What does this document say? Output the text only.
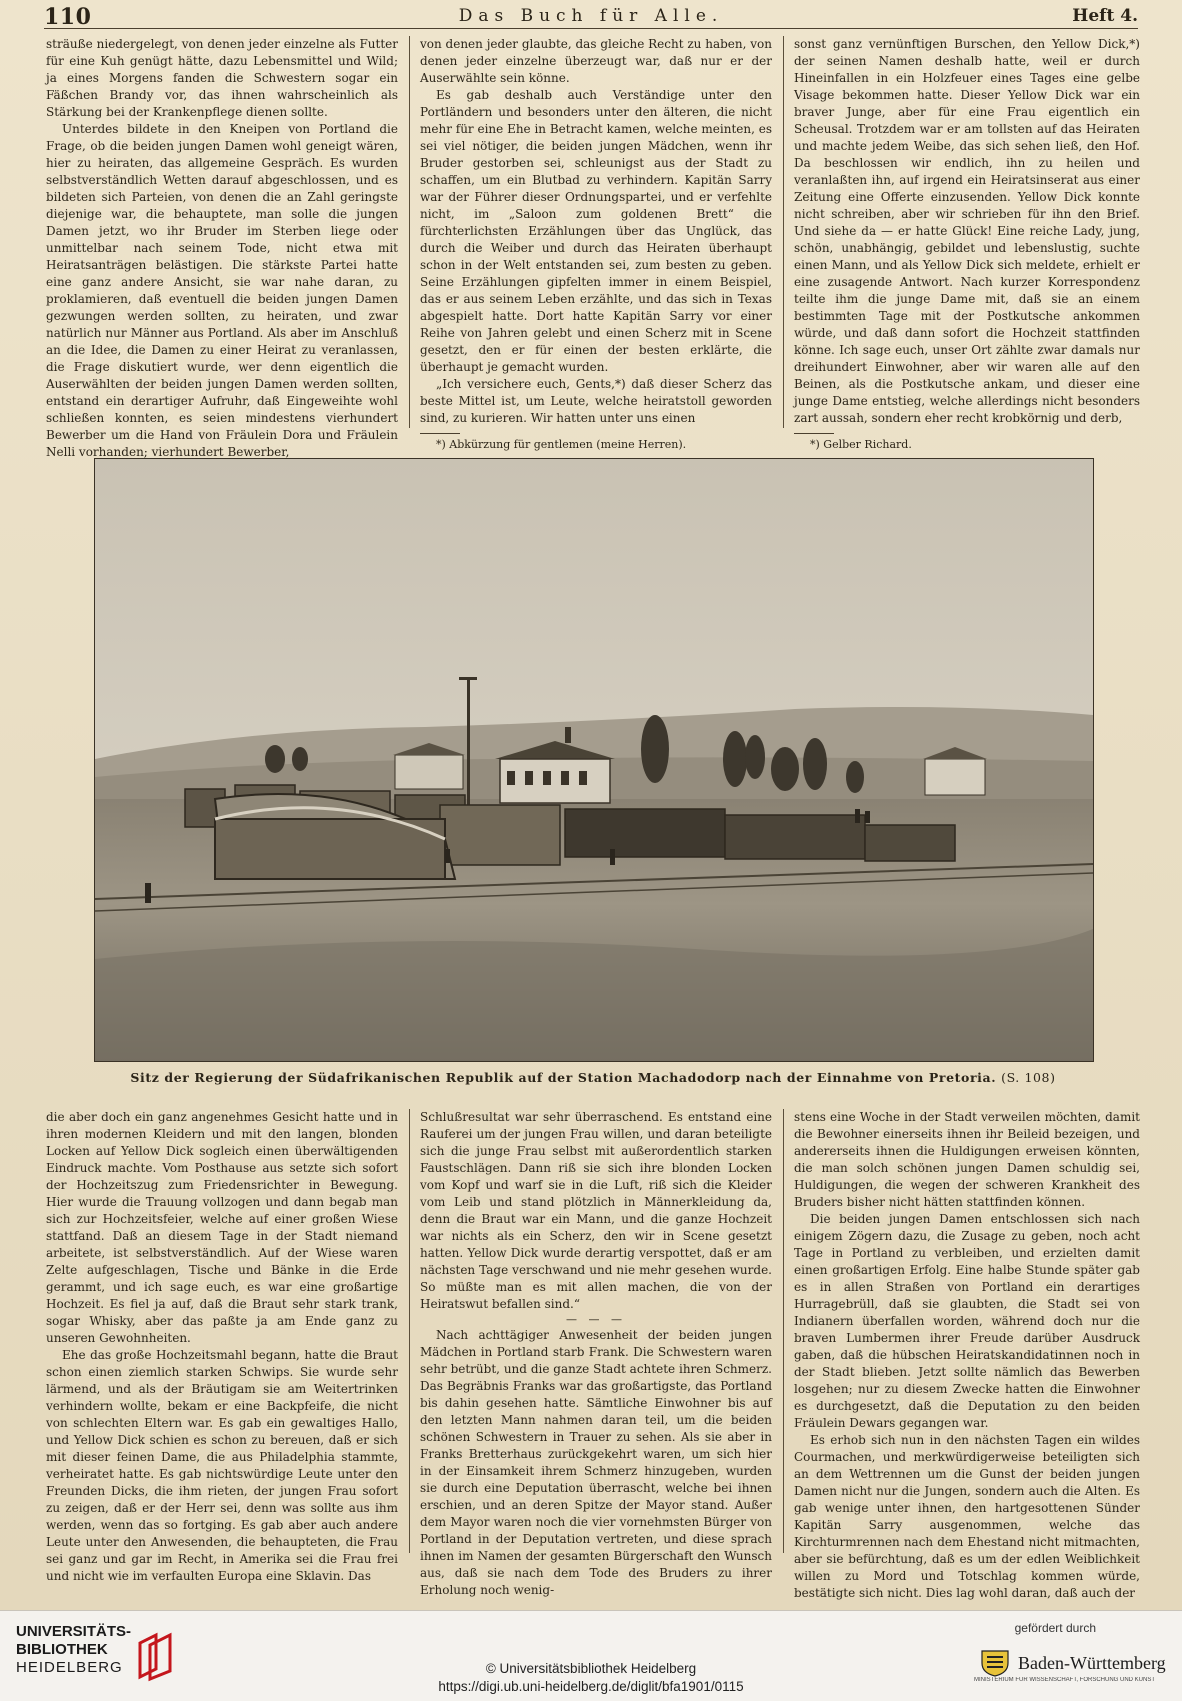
110	Das Buch für Alle.	Heft 4.

sträuße niedergelegt, von denen jeder einzelne als Futter für eine Kuh genügt hätte, dazu Lebensmittel und Wild; ja eines Morgens fanden die Schwestern sogar ein Fäßchen Brandy vor, das ihnen wahrscheinlich als Stärkung bei der Krankenpflege dienen sollte.

Unterdes bildete in den Kneipen von Portland die Frage, ob die beiden jungen Damen wohl geneigt wären, hier zu heiraten, das allgemeine Gespräch. Es wurden selbstverständlich Wetten darauf abgeschlossen, und es bildeten sich Parteien, von denen die an Zahl geringste diejenige war, die behauptete, man solle die jungen Damen jetzt, wo ihr Bruder im Sterben liege oder unmittelbar nach seinem Tode, nicht etwa mit Heiratsanträgen belästigen. Die stärkste Partei hatte eine ganz andere Ansicht, sie war nahe daran, zu proklamieren, daß eventuell die beiden jungen Damen gezwungen werden sollten, zu heiraten, und zwar natürlich nur Männer aus Portland. Als aber im Anschluß an die Idee, die Damen zu einer Heirat zu veranlassen, die Frage diskutiert wurde, wer denn eigentlich die Auserwählten der beiden jungen Damen werden sollten, entstand ein derartiger Aufruhr, daß Eingeweihte wohl schließen konnten, es seien mindestens vierhundert Bewerber um die Hand von Fräulein Dora und Fräulein Nelli vorhanden; vierhundert Bewerber,

von denen jeder glaubte, das gleiche Recht zu haben, von denen jeder einzelne überzeugt war, daß nur er der Auserwählte sein könne.

Es gab deshalb auch Verständige unter den Portländern und besonders unter den älteren, die nicht mehr für eine Ehe in Betracht kamen, welche meinten, es sei viel nötiger, die beiden jungen Mädchen, wenn ihr Bruder gestorben sei, schleunigst aus der Stadt zu schaffen, um ein Blutbad zu verhindern. Kapitän Sarry war der Führer dieser Ordnungspartei, und er verfehlte nicht, im „Saloon zum goldenen Brett“ die fürchterlichsten Erzählungen über das Unglück, das durch die Weiber und durch das Heiraten überhaupt schon in der Welt entstanden sei, zum besten zu geben. Seine Erzählungen gipfelten immer in einem Beispiel, das er aus seinem Leben erzählte, und das sich in Texas abgespielt hatte. Dort hatte Kapitän Sarry vor einer Reihe von Jahren gelebt und einen Scherz mit in Scene gesetzt, den er für einen der besten erklärte, die überhaupt je gemacht wurden.

„Ich versichere euch, Gents,*) daß dieser Scherz das beste Mittel ist, um Leute, welche heiratstoll geworden sind, zu kurieren. Wir hatten unter uns einen

*) Abkürzung für gentlemen (meine Herren).

sonst ganz vernünftigen Burschen, den Yellow Dick,*) der seinen Namen deshalb hatte, weil er durch Hineinfallen in ein Holzfeuer eines Tages eine gelbe Visage bekommen hatte. Dieser Yellow Dick war ein braver Junge, aber für eine Frau eigentlich ein Scheusal. Trotzdem war er am tollsten auf das Heiraten und machte jedem Weibe, das sich sehen ließ, den Hof. Da beschlossen wir endlich, ihn zu heilen und veranlaßten ihn, auf irgend ein Heiratsinserat aus einer Zeitung eine Offerte einzusenden. Yellow Dick konnte nicht schreiben, aber wir schrieben für ihn den Brief. Und siehe da — er hatte Glück! Eine reiche Lady, jung, schön, unabhängig, gebildet und lebenslustig, suchte einen Mann, und als Yellow Dick sich meldete, erhielt er eine zusagende Antwort. Nach kurzer Korrespondenz teilte ihm die junge Dame mit, daß sie an einem bestimmten Tage mit der Postkutsche ankommen würde, und daß dann sofort die Hochzeit stattfinden könne. Ich sage euch, unser Ort zählte zwar damals nur dreihundert Einwohner, aber wir waren alle auf den Beinen, als die Postkutsche ankam, und dieser eine junge Dame entstieg, welche allerdings nicht besonders zart aussah, sondern eher recht krobkörnig und derb,

*) Gelber Richard.

Sitz der Regierung der Südafrikanischen Republik auf der Station Machadodorp nach der Einnahme von Pretoria. (S. 108)

die aber doch ein ganz angenehmes Gesicht hatte und in ihren modernen Kleidern und mit den langen, blonden Locken auf Yellow Dick sogleich einen überwältigenden Eindruck machte. Vom Posthause aus setzte sich sofort der Hochzeitszug zum Friedensrichter in Bewegung. Hier wurde die Trauung vollzogen und dann begab man sich zur Hochzeitsfeier, welche auf einer großen Wiese stattfand. Daß an diesem Tage in der Stadt niemand arbeitete, ist selbstverständlich. Auf der Wiese waren Zelte aufgeschlagen, Tische und Bänke in die Erde gerammt, und ich sage euch, es war eine großartige Hochzeit. Es fiel ja auf, daß die Braut sehr stark trank, sogar Whisky, aber das paßte ja am Ende ganz zu unseren Gewohnheiten.

Ehe das große Hochzeitsmahl begann, hatte die Braut schon einen ziemlich starken Schwips. Sie wurde sehr lärmend, und als der Bräutigam sie am Weitertrinken verhindern wollte, bekam er eine Backpfeife, die nicht von schlechten Eltern war. Es gab ein gewaltiges Hallo, und Yellow Dick schien es schon zu bereuen, daß er sich mit dieser feinen Dame, die aus Philadelphia stammte, verheiratet hatte. Es gab nichtswürdige Leute unter den Freunden Dicks, die ihm rieten, der jungen Frau sofort zu zeigen, daß er der Herr sei, denn was sollte aus ihm werden, wenn das so fortging. Es gab aber auch andere Leute unter den Anwesenden, die behaupteten, die Frau sei ganz und gar im Recht, in Amerika sei die Frau frei und nicht wie im verfaulten Europa eine Sklavin. Das

Schlußresultat war sehr überraschend. Es entstand eine Rauferei um der jungen Frau willen, und daran beteiligte sich die junge Frau selbst mit außerordentlich starken Faustschlägen. Dann riß sie sich ihre blonden Locken vom Kopf und warf sie in die Luft, riß sich die Kleider vom Leib und stand plötzlich in Männerkleidung da, denn die Braut war ein Mann, und die ganze Hochzeit war nichts als ein Scherz, den wir in Scene gesetzt hatten. Yellow Dick wurde derartig verspottet, daß er am nächsten Tage verschwand und nie mehr gesehen wurde. So müßte man es mit allen machen, die von der Heiratswut befallen sind.“

— — —

Nach achttägiger Anwesenheit der beiden jungen Mädchen in Portland starb Frank. Die Schwestern waren sehr betrübt, und die ganze Stadt achtete ihren Schmerz. Das Begräbnis Franks war das großartigste, das Portland bis dahin gesehen hatte. Sämtliche Einwohner bis auf den letzten Mann nahmen daran teil, um die beiden schönen Schwestern in Trauer zu sehen. Als sie aber in Franks Bretterhaus zurückgekehrt waren, um sich hier in der Einsamkeit ihrem Schmerz hinzugeben, wurden sie durch eine Deputation überrascht, welche bei ihnen erschien, und an deren Spitze der Mayor stand. Außer dem Mayor waren noch die vier vornehmsten Bürger von Portland in der Deputation vertreten, und diese sprach ihnen im Namen der gesamten Bürgerschaft den Wunsch aus, daß sie nach dem Tode des Bruders zu ihrer Erholung noch wenig-

stens eine Woche in der Stadt verweilen möchten, damit die Bewohner einerseits ihnen ihr Beileid bezeigen, und andererseits ihnen die Huldigungen erweisen könnten, die man solch schönen jungen Damen schuldig sei, Huldigungen, die wegen der schweren Krankheit des Bruders bisher nicht hätten stattfinden können.

Die beiden jungen Damen entschlossen sich nach einigem Zögern dazu, die Zusage zu geben, noch acht Tage in Portland zu verbleiben, und erzielten damit einen großartigen Erfolg. Eine halbe Stunde später gab es in allen Straßen von Portland ein derartiges Hurragebrüll, daß sie glaubten, die Stadt sei von Indianern überfallen worden, während doch nur die braven Lumbermen ihrer Freude darüber Ausdruck gaben, daß die hübschen Heiratskandidatinnen noch in der Stadt blieben. Jetzt sollte nämlich das Bewerben losgehen; nur zu diesem Zwecke hatten die Einwohner es durchgesetzt, daß die Deputation zu den beiden Fräulein Dewars gegangen war.

Es erhob sich nun in den nächsten Tagen ein wildes Courmachen, und merkwürdigerweise beteiligten sich an dem Wettrennen um die Gunst der beiden jungen Damen nicht nur die Jungen, sondern auch die Alten. Es gab wenige unter ihnen, den hartgesottenen Sünder Kapitän Sarry ausgenommen, welche das Kirchturmrennen nach dem Ehestand nicht mitmachten, aber sie befürchtung, daß es um der edlen Weiblichkeit willen zu Mord und Totschlag kommen würde, bestätigte sich nicht. Dies lag wohl daran, daß auch der

UNIVERSITÄTS-
BIBLIOTHEK
HEIDELBERG	© Universitätsbibliothek Heidelberg
https://digi.ub.uni-heidelberg.de/diglit/bfa1901/0115
gefördert durch
Baden-Württemberg
MINISTERIUM FÜR WISSENSCHAFT, FORSCHUNG UND KUNST
